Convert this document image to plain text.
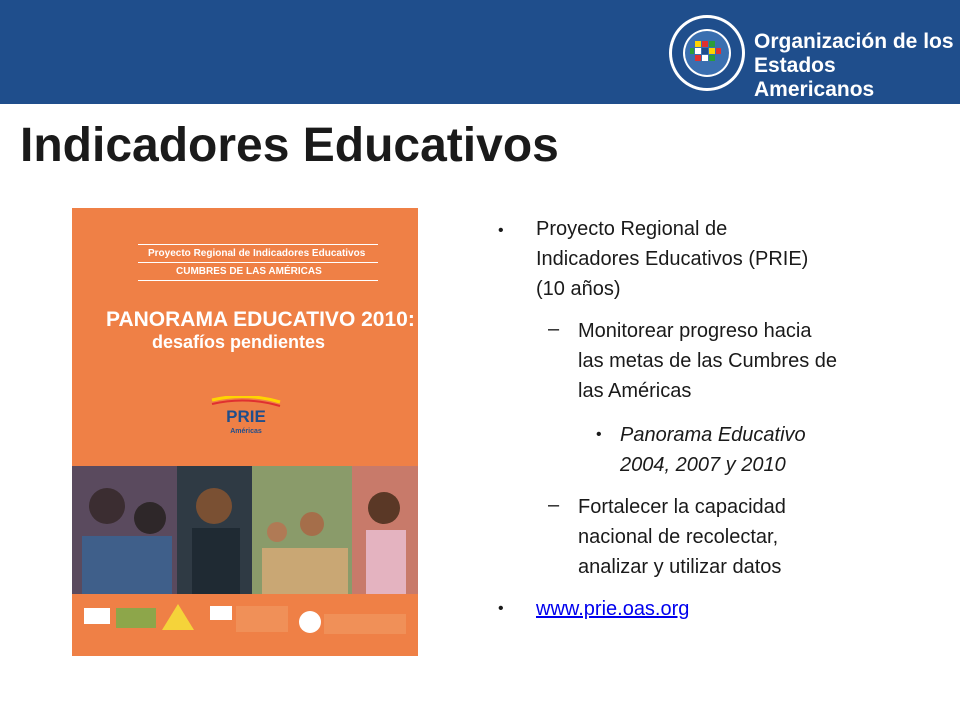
Organización de los
Estados Americanos
Indicadores Educativos
Proyecto Regional de Indicadores Educativos
CUMBRES DE LAS AMÉRICAS
PANORAMA EDUCATIVO 2010:
desafíos pendientes
PRIE
Américas
• Proyecto Regional de
Indicadores Educativos (PRIE)
(10 años)
– Monitorear progreso hacia
las metas de las Cumbres de
las Américas
• Panorama Educativo
2004, 2007 y 2010
– Fortalecer la capacidad
nacional de recolectar,
analizar y utilizar datos
• www.prie.oas.org
